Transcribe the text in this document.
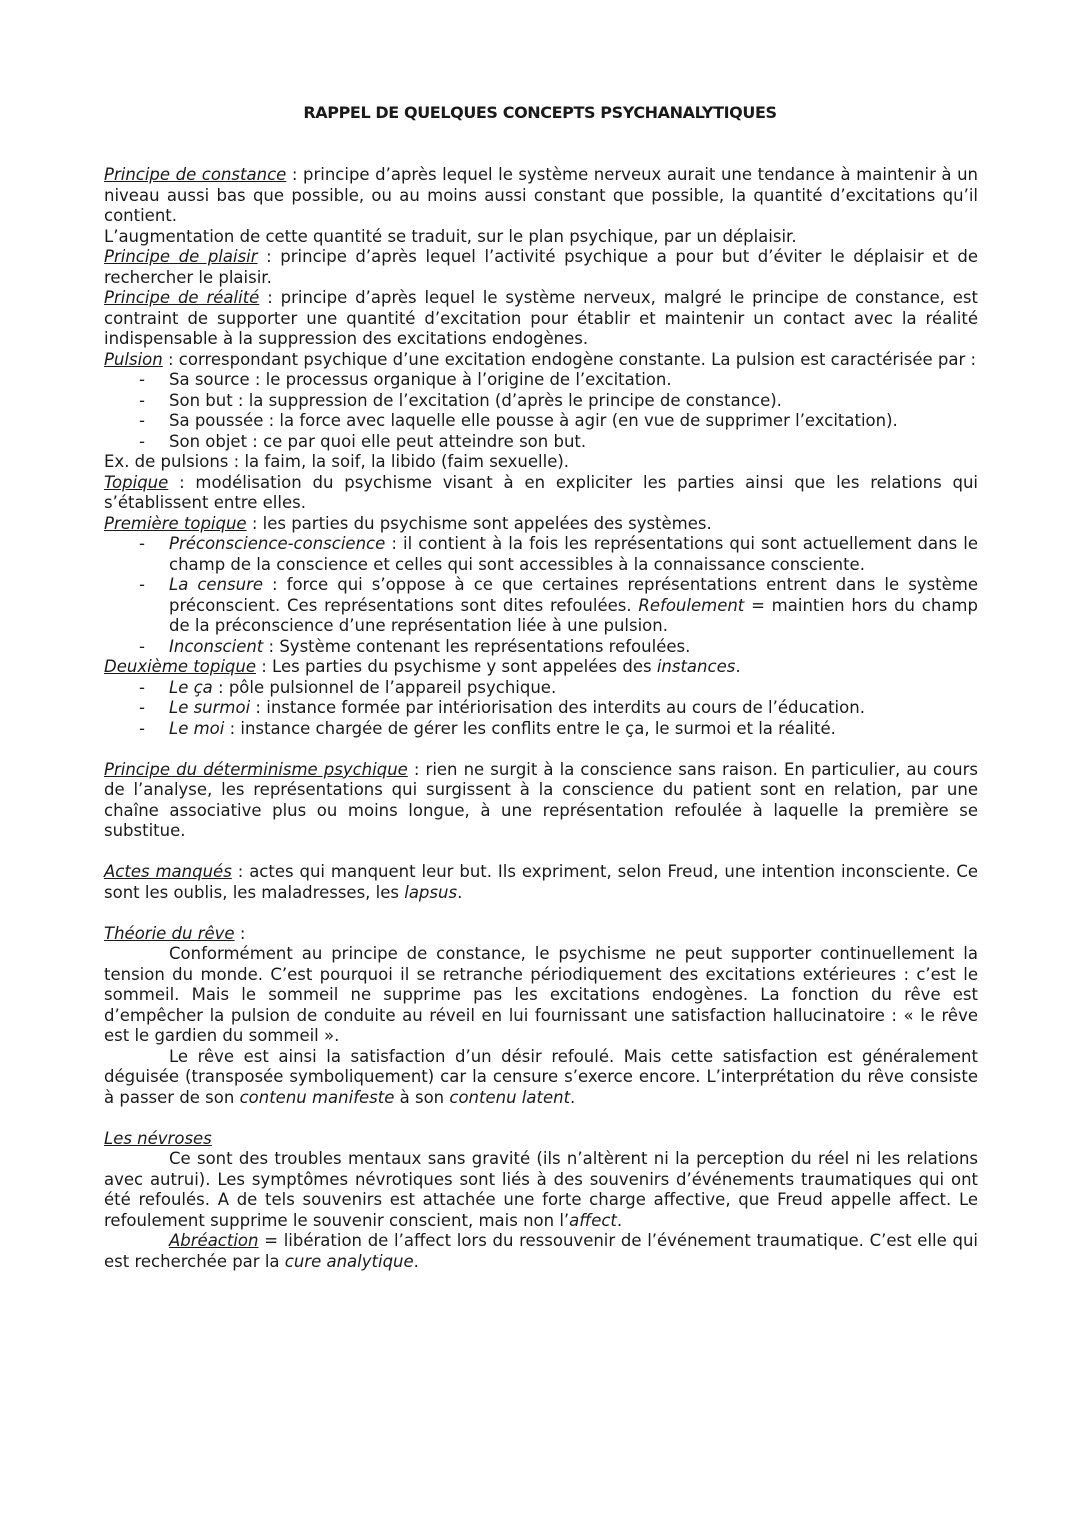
RAPPEL DE QUELQUES CONCEPTS PSYCHANALYTIQUES

Principe de constance : principe d’après lequel le système nerveux aurait une tendance à maintenir à un niveau aussi bas que possible, ou au moins aussi constant que possible, la quantité d’excitations qu’il contient.

L’augmentation de cette quantité se traduit, sur le plan psychique, par un déplaisir.

Principe de plaisir : principe d’après lequel l’activité psychique a pour but d’éviter le déplaisir et de rechercher le plaisir.

Principe de réalité : principe d’après lequel le système nerveux, malgré le principe de constance, est contraint de supporter une quantité d’excitation pour établir et maintenir un contact avec la réalité indispensable à la suppression des excitations endogènes.

Pulsion : correspondant psychique d’une excitation endogène constante. La pulsion est caractérisée par :

- Sa source : le processus organique à l’origine de l’excitation.
- Son but : la suppression de l’excitation (d’après le principe de constance).
- Sa poussée : la force avec laquelle elle pousse à agir (en vue de supprimer l’excitation).
- Son objet : ce par quoi elle peut atteindre son but.

Ex. de pulsions : la faim, la soif, la libido (faim sexuelle).

Topique : modélisation du psychisme visant à en expliciter les parties ainsi que les relations qui s’établissent entre elles.

Première topique : les parties du psychisme sont appelées des systèmes.

- Préconscience-conscience : il contient à la fois les représentations qui sont actuellement dans le champ de la conscience et celles qui sont accessibles à la connaissance consciente.
- La censure : force qui s’oppose à ce que certaines représentations entrent dans le système préconscient. Ces représentations sont dites refoulées. Refoulement = maintien hors du champ de la préconscience d’une représentation liée à une pulsion.
- Inconscient : Système contenant les représentations refoulées.

Deuxième topique : Les parties du psychisme y sont appelées des instances.

- Le ça : pôle pulsionnel de l’appareil psychique.
- Le surmoi : instance formée par intériorisation des interdits au cours de l’éducation.
- Le moi : instance chargée de gérer les conflits entre le ça, le surmoi et la réalité.

Principe du déterminisme psychique : rien ne surgit à la conscience sans raison. En particulier, au cours de l’analyse, les représentations qui surgissent à la conscience du patient sont en relation, par une chaîne associative plus ou moins longue, à une représentation refoulée à laquelle la première se substitue.

Actes manqués : actes qui manquent leur but. Ils expriment, selon Freud, une intention inconsciente. Ce sont les oublis, les maladresses, les lapsus.

Théorie du rêve :

Conformément au principe de constance, le psychisme ne peut supporter continuellement la tension du monde. C’est pourquoi il se retranche périodiquement des excitations extérieures : c’est le sommeil. Mais le sommeil ne supprime pas les excitations endogènes. La fonction du rêve est d’empêcher la pulsion de conduite au réveil en lui fournissant une satisfaction hallucinatoire : « le rêve est le gardien du sommeil ».

Le rêve est ainsi la satisfaction d’un désir refoulé. Mais cette satisfaction est généralement déguisée (transposée symboliquement) car la censure s’exerce encore. L’interprétation du rêve consiste à passer de son contenu manifeste à son contenu latent.

Les névroses

Ce sont des troubles mentaux sans gravité (ils n’altèrent ni la perception du réel ni les relations avec autrui). Les symptômes névrotiques sont liés à des souvenirs d’événements traumatiques qui ont été refoulés. A de tels souvenirs est attachée une forte charge affective, que Freud appelle affect. Le refoulement supprime le souvenir conscient, mais non l’affect.

Abréaction = libération de l’affect lors du ressouvenir de l’événement traumatique. C’est elle qui est recherchée par la cure analytique.
